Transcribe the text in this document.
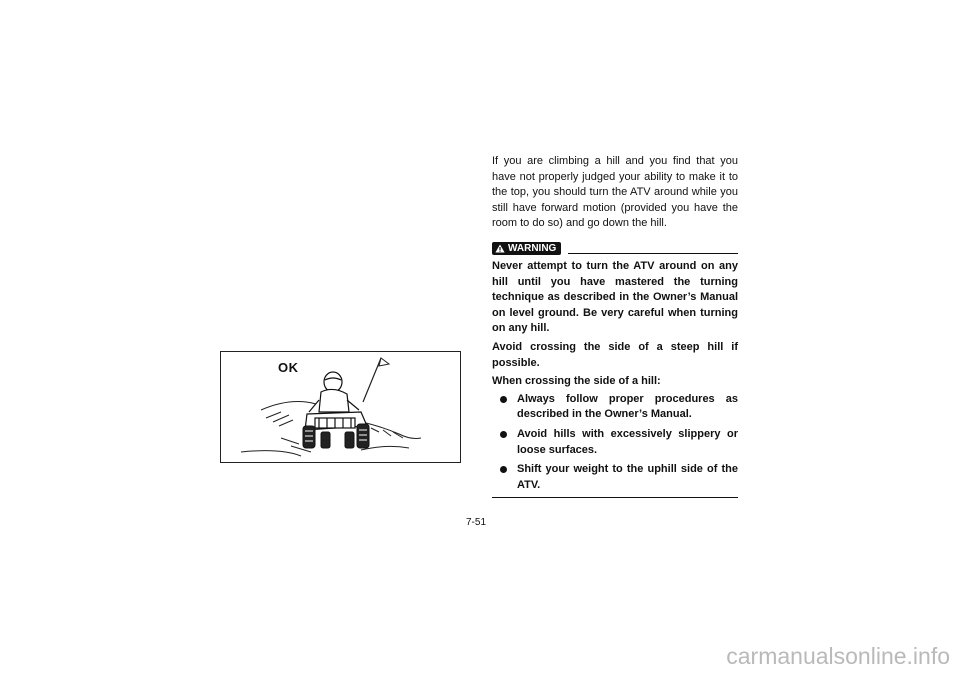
OK

If you are climbing a hill and you find that you have not properly judged your ability to make it to the top, you should turn the ATV around while you still have forward motion (provided you have the room to do so) and go down the hill.

WARNING

Never attempt to turn the ATV around on any hill until you have mastered the turning technique as described in the Owner’s Manual on level ground. Be very careful when turning on any hill.

Avoid crossing the side of a steep hill if possible.

When crossing the side of a hill:

Always follow proper procedures as described in the Owner’s Manual.
Avoid hills with excessively slippery or loose surfaces.
Shift your weight to the uphill side of the ATV.
7-51
carmanualsonline.info
